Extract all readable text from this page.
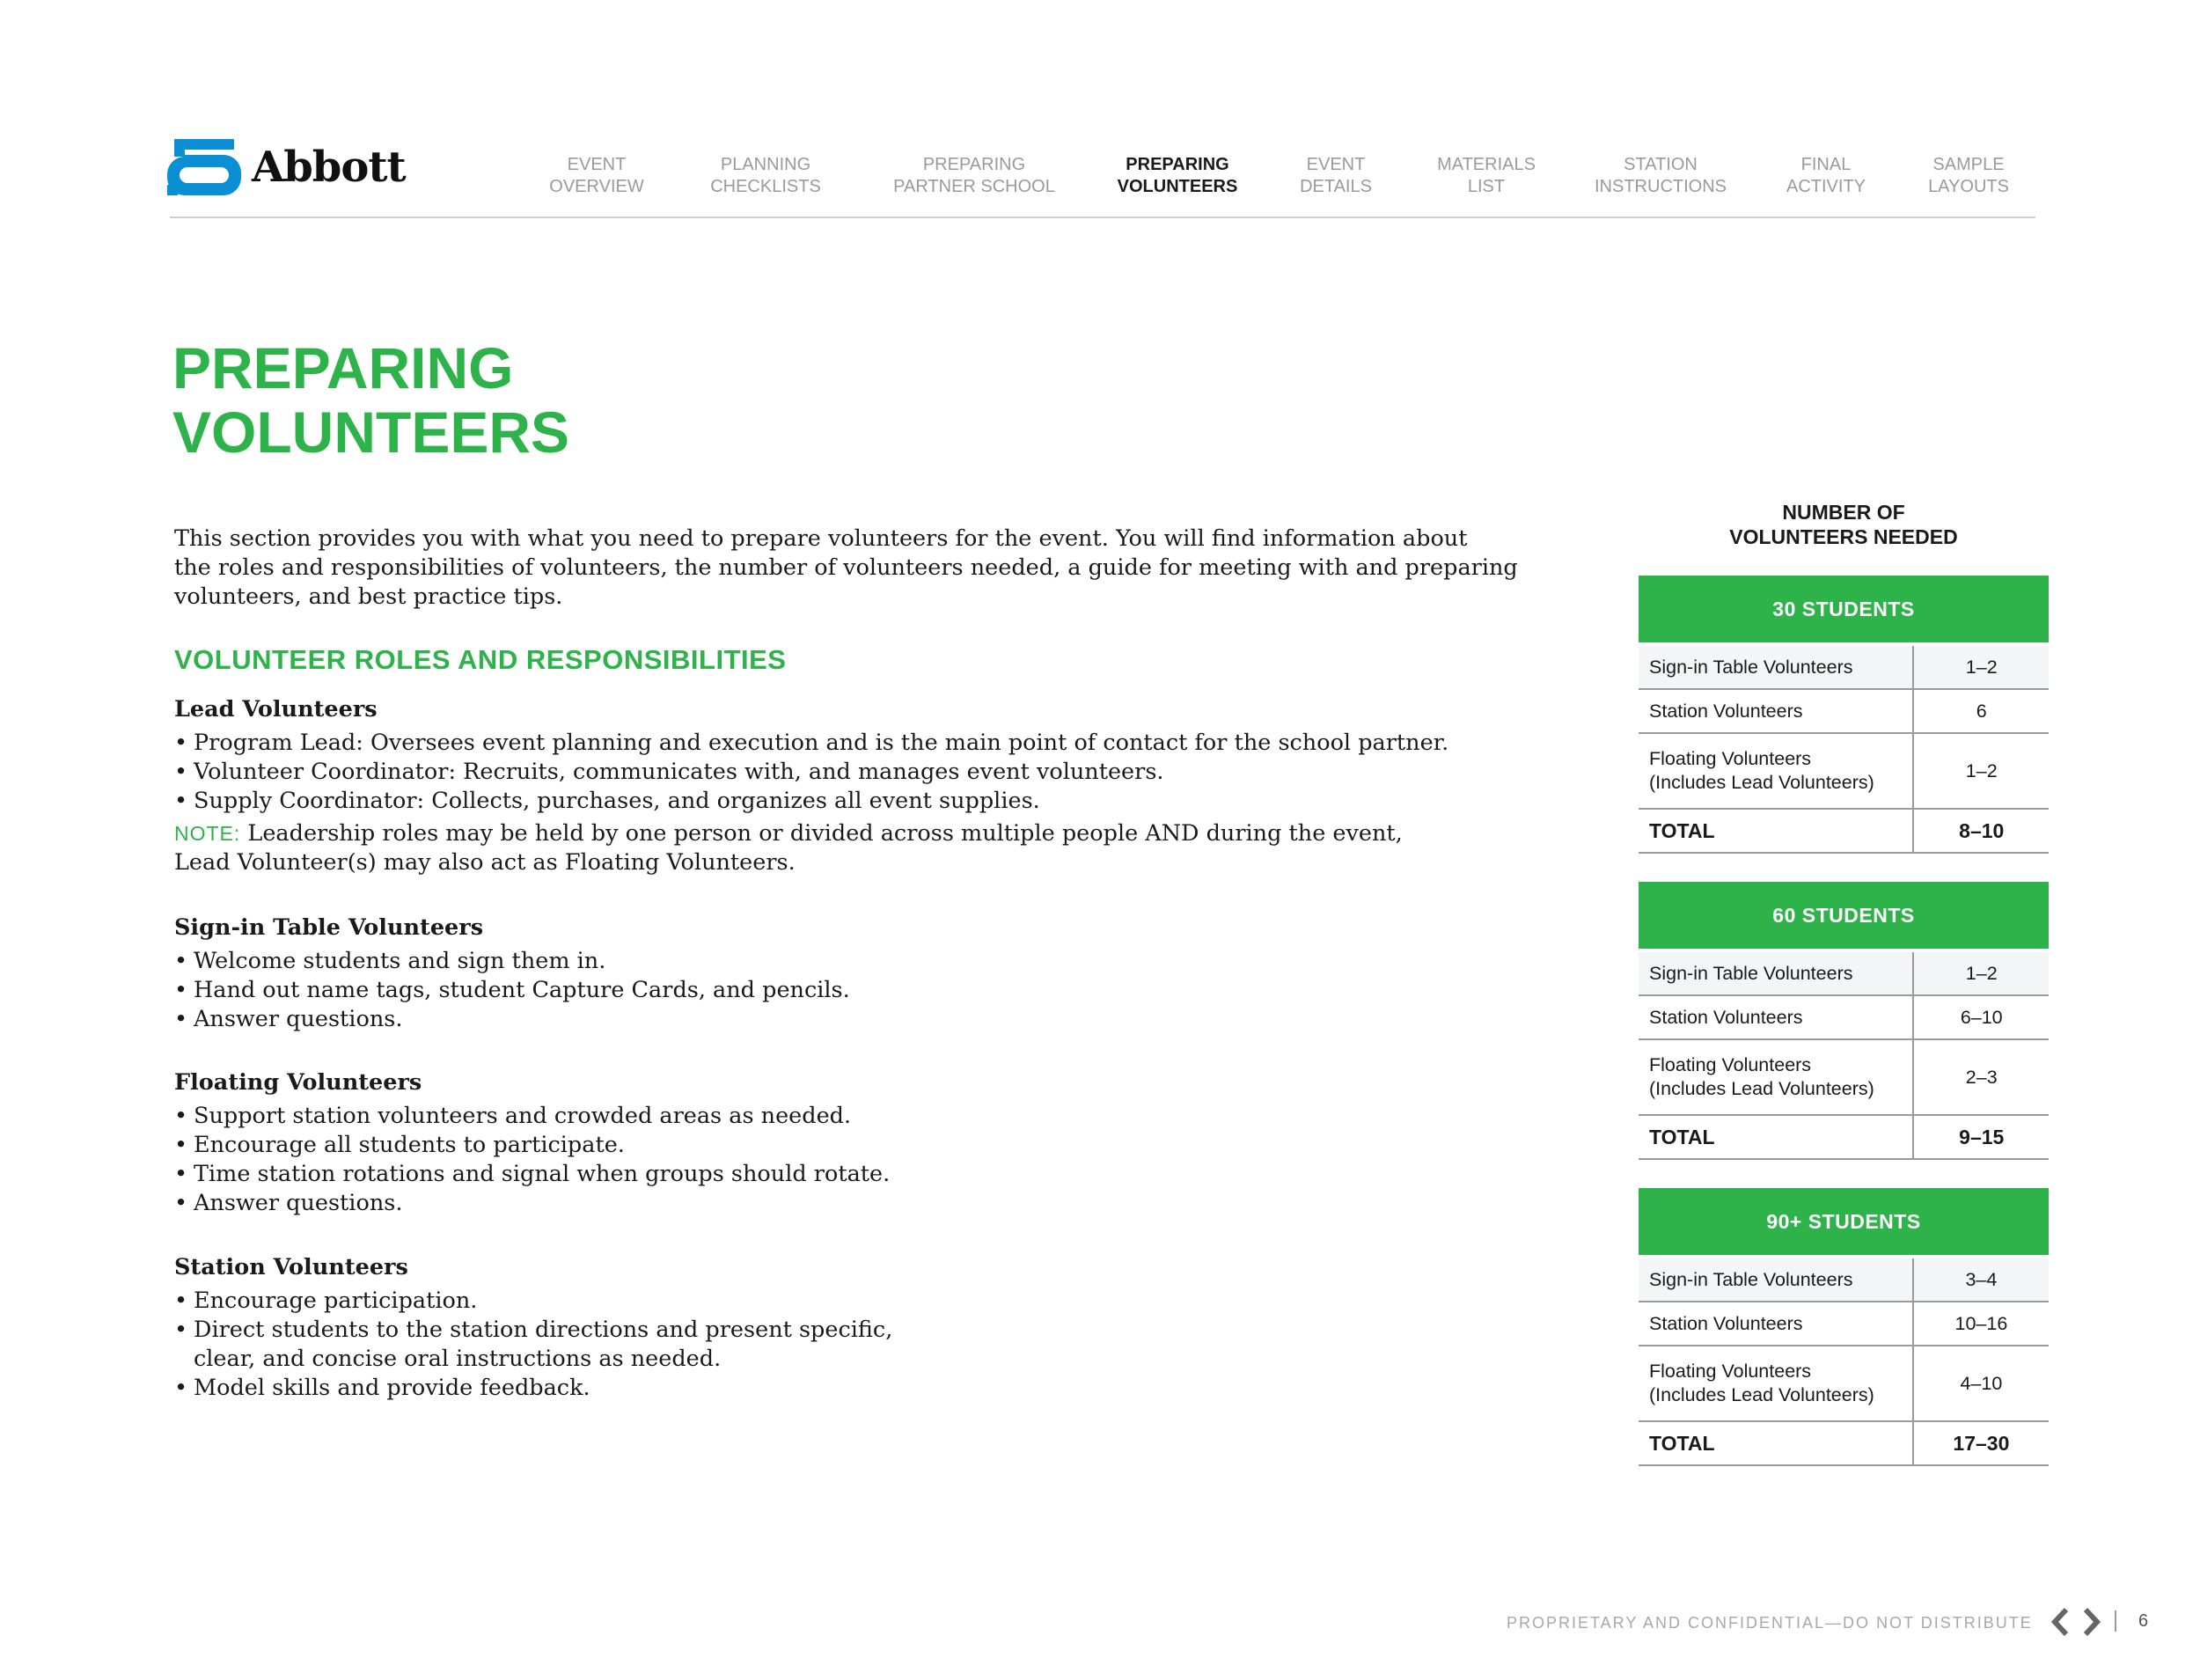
Abbott	EVENT
OVERVIEW
PLANNING
CHECKLISTS
PREPARING
PARTNER SCHOOL
PREPARING
VOLUNTEERS
EVENT
DETAILS
MATERIALS
LIST
STATION
INSTRUCTIONS
FINAL
ACTIVITY
SAMPLE
LAYOUTS
PREPARING
VOLUNTEERS

This section provides you with what you need to prepare volunteers for the event. You will find information about
the roles and responsibilities of volunteers, the number of volunteers needed, a guide for meeting with and preparing
volunteers, and best practice tips.

VOLUNTEER ROLES AND RESPONSIBILITIES
Lead Volunteers
• Program Lead: Oversees event planning and execution and is the main point of contact for the school partner.
• Volunteer Coordinator: Recruits, communicates with, and manages event volunteers.
• Supply Coordinator: Collects, purchases, and organizes all event supplies.

NOTE: Leadership roles may be held by one person or divided across multiple people AND during the event,
Lead Volunteer(s) may also act as Floating Volunteers.

Sign-in Table Volunteers
• Welcome students and sign them in.
• Hand out name tags, student Capture Cards, and pencils.
• Answer questions.
Floating Volunteers
• Support station volunteers and crowded areas as needed.
• Encourage all students to participate.
• Time station rotations and signal when groups should rotate.
• Answer questions.
Station Volunteers
• Encourage participation.
• Direct students to the station directions and present specific,
clear, and concise oral instructions as needed.
• Model skills and provide feedback.
NUMBER OF
VOLUNTEERS NEEDED
30 STUDENTS	

Sign-in Table Volunteers	1–2
Station Volunteers	6

Floating Volunteers
(Includes Lead Volunteers)	1–2
TOTAL	8–10
60 STUDENTS	

Sign-in Table Volunteers	1–2
Station Volunteers	6–10

Floating Volunteers
(Includes Lead Volunteers)	2–3
TOTAL	9–15
90+ STUDENTS	

Sign-in Table Volunteers	3–4
Station Volunteers	10–16

Floating Volunteers
(Includes Lead Volunteers)	4–10
TOTAL	17–30
PROPRIETARY AND CONFIDENTIAL—DO NOT DISTRIBUTE	6
